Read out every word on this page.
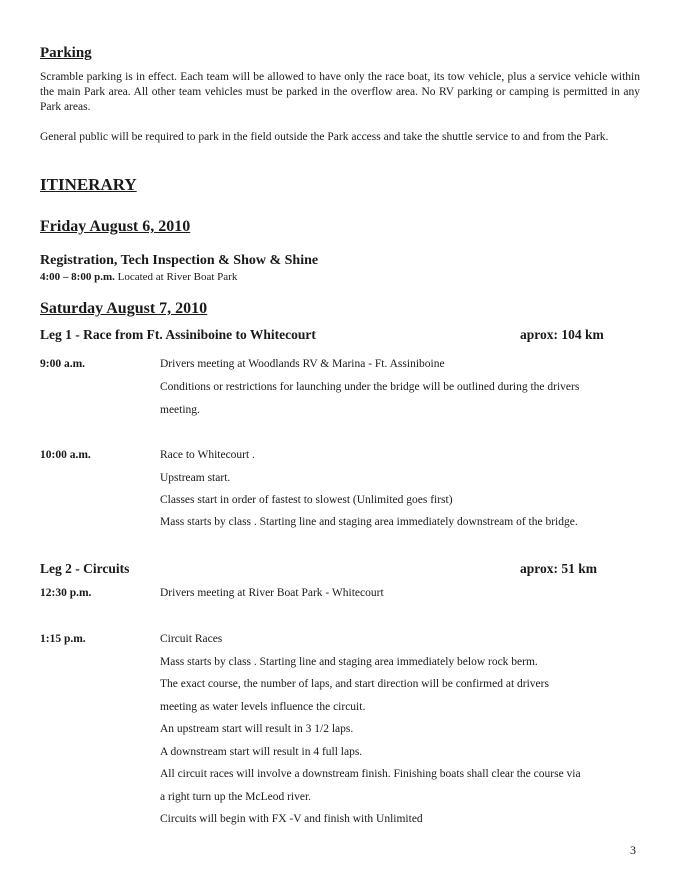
Parking
Scramble parking is in effect. Each team will be allowed to have only the race boat, its tow vehicle, plus a service vehicle within the main Park area. All other team vehicles must be parked in the overflow area. No RV parking or camping is permitted in any Park areas.
General public will be required to park in the field outside the Park access and take the shuttle service to and from the Park.
ITINERARY
Friday August 6, 2010
Registration, Tech Inspection & Show & Shine
4:00 – 8:00 p.m. Located at River Boat Park
Saturday August 7, 2010
Leg 1 - Race from Ft. Assiniboine to Whitecourt	aprox: 104 km
9:00 a.m.	Drivers meeting at Woodlands RV & Marina - Ft. Assiniboine
Conditions or restrictions for launching under the bridge will be outlined during the drivers
meeting.
10:00 a.m.	Race to Whitecourt .
Upstream start.
Classes start in order of fastest to slowest (Unlimited goes first)
Mass starts by class . Starting line and staging area immediately downstream of the bridge.
Leg 2 - Circuits	aprox: 51 km
12:30 p.m.	Drivers meeting at River Boat Park - Whitecourt
1:15 p.m.	Circuit Races
Mass starts by class . Starting line and staging area immediately below rock berm.
The exact course, the number of laps, and start direction will be confirmed at drivers
meeting as water levels influence the circuit.
An upstream start will result in 3 1/2 laps.
A downstream start will result in 4 full laps.
All circuit races will involve a downstream finish. Finishing boats shall clear the course via
a right turn up the McLeod river.
Circuits will begin with FX -V and finish with Unlimited
3
